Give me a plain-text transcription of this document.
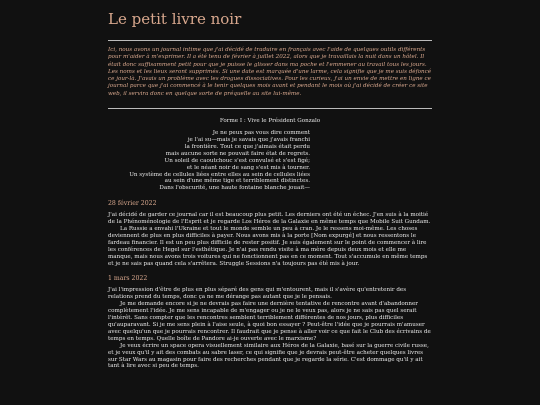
Le petit livre noir
Ici, nous avons un journal intime que j'ai décidé de traduire en français avec l'aide de quelques outils différents pour m'aider à m'exprimer. Il a été tenu de février à juillet 2022, alors que je travaillais la nuit dans un hôtel. Il était donc suffisamment petit pour que je puisse le glisser dans ma poche et l'emmener au travail tous les jours. Les noms et les lieux seront supprimés. Si une date est marquée d'une larme, cela signifie que je me suis défoncé ce jour-là. J'avais un problème avec les drogues dissociatives. Pour les curieux, j'ai un envie de mettre en ligne ce journal parce que j'ai commencé à le tenir quelques mois avant et pendant le mois où j'ai décidé de créer ce site web, il servira donc en quelque sorte de préquelle au site lui-même.
Forme I : Vive le Président Gonzalo
Je ne peux pas vous dire comment
je l'ai su—mais je savais que j'avais franchi
la frontière. Tout ce que j'aimais était perdu
mais aucune sorte ne pouvait faire état de regrets.
Un soleil de caoutchouc s'est convulsé et s'est figé;
et le néant noir de sang s'est mis à tourner.
Un système de cellules liées entre elles au sein de cellules liées
au sein d'une même tige et terriblement distinctes.
Dans l'obscurité, une haute fontaine blanche jouait—
28 février 2022

J'ai décidé de garder ce journal car il est beaucoup plus petit. Les derniers ont été un échec. J'en suis à la moitié de la Phénoménologie de l'Esprit et je regarde Los Héros de la Galaxie en même temps que Mobile Suit Gundam.

La Russie a envahi l'Ukraine et tout le monde semble un peu à cran. Je le ressens moi-même. Les choses deviennent de plus en plus difficiles à payer. Nous avons mis à la porte [Nom expurgé] et nous ressentons le fardeau financier. Il est un peu plus difficile de rester positif. Je suis également sur le point de commencer à lire les conférences de Hegel sur l'esthétique. Je n'ai pas rendu visite à ma mère depuis deux mois et elle me manque, mais nous avons trois voitures qui ne fonctionnent pas en ce moment. Tout s'accumule en même temps et je ne sais pas quand cela s'arrêtera. Struggle Sessions n'a toujours pas été mis à jour.

1 mars 2022

J'ai l'impression d'être de plus en plus séparé des gens qui m'entourent, mais il s'avère qu'entretenir des relations prend du temps, donc ça ne me dérange pas autant que je le pensais.

Je me demande encore si je ne devrais pas faire une dernière tentative de rencontre avant d'abandonner complètement l'idée. Je me sens incapable de m'engager ou je ne le veux pas, alors je ne sais pas quel serait l'intérêt. Sans compter que les rencontres semblent terriblement différentes de nos jours, plus difficiles qu'auparavant. Si je me sens plein à l'aise seule, à quoi bon essayer ? Peut-être l'idée que je pourrais m'amuser avec quelqu'un que je pourrais rencontrer. Il faudrait que je pense à aller voir ce que fait le Club des écrivains de temps en temps. Quelle boîte de Pandore ai-je ouverte avec le marxisme?

Je veux écrire un space opera visuellement similaire aux Héros de la Galaxie, basé sur la guerre civile russe, et je veux qu'il y ait des combats au sabre laser, ce qui signifie que je devrais peut-être acheter quelques livres sur Star Wars au magasin pour faire des recherches pendant que je regarde la série. C'est dommage qu'il y ait tant à lire avec si peu de temps.
